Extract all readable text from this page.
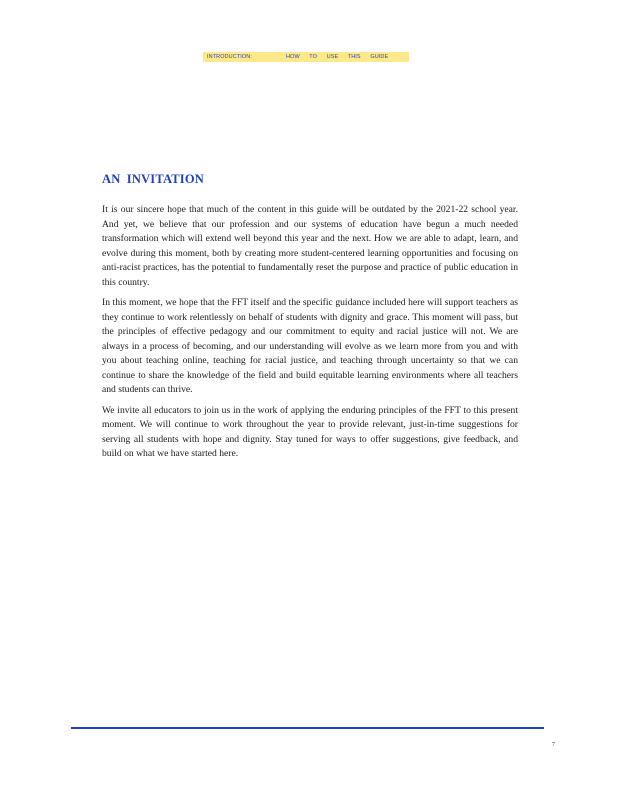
INTRODUCTION:	HOW TO USE THIS GUIDE
AN INVITATION

It is our sincere hope that much of the content in this guide will be outdated by the 2021-22 school year. And yet, we believe that our profession and our systems of education have begun a much needed transformation which will extend well beyond this year and the next. How we are able to adapt, learn, and evolve during this moment, both by creating more student-centered learning opportunities and focusing on anti-racist practices, has the potential to fundamentally reset the purpose and practice of public education in this country.

In this moment, we hope that the FFT itself and the specific guidance included here will support teachers as they continue to work relentlessly on behalf of students with dignity and grace. This moment will pass, but the principles of effective pedagogy and our commitment to equity and racial justice will not. We are always in a process of becoming, and our understanding will evolve as we learn more from you and with you about teaching online, teaching for racial justice, and teaching through uncertainty so that we can continue to share the knowledge of the field and build equitable learning environments where all teachers and students can thrive.

We invite all educators to join us in the work of applying the enduring principles of the FFT to this present moment. We will continue to work throughout the year to provide relevant, just-in-time suggestions for serving all students with hope and dignity. Stay tuned for ways to offer suggestions, give feedback, and build on what we have started here.

7
